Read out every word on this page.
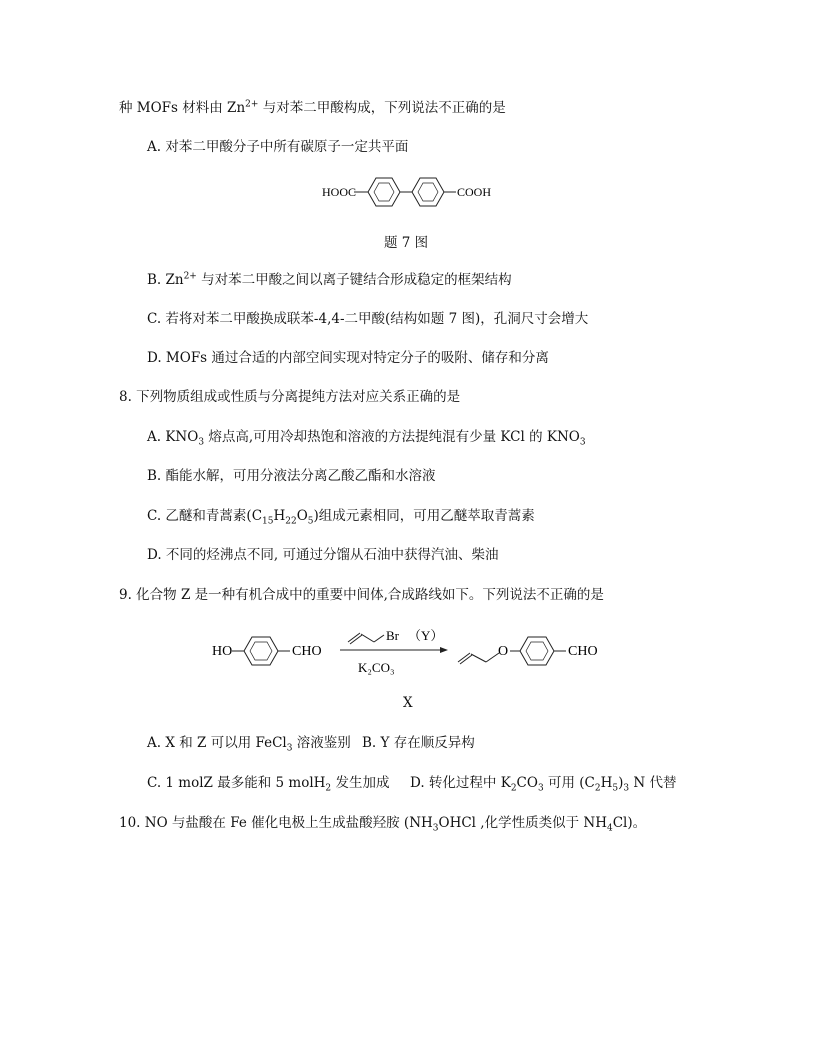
种 MOFs 材料由 $Zn^{2+}$ 与对苯二甲酸构成，下列说法不正确的是
A. 对苯二甲酸分子中所有碳原子一定共平面
HOOC	COOH
题 7 图
B. $Zn^{2+}$ 与对苯二甲酸之间以离子键结合形成稳定的框架结构
C. 若将对苯二甲酸换成联苯-4,4-二甲酸(结构如题 7 图)，孔洞尺寸会增大
D. MOFs 通过合适的内部空间实现对特定分子的吸附、储存和分离
8. 下列物质组成或性质与分离提纯方法对应关系正确的是
A. $KNO_3$ 熔点高,可用冷却热饱和溶液的方法提纯混有少量 KCl 的 $KNO_3$
B. 酯能水解，可用分液法分离乙酸乙酯和水溶液
C. 乙醚和青蒿素$(C_{15}H_{22}O_5)$组成元素相同，可用乙醚萃取青蒿素
D. 不同的烃沸点不同, 可通过分馏从石油中获得汽油、柴油
9. 化合物 Z 是一种有机合成中的重要中间体,合成路线如下。下列说法不正确的是
HO	CHO
Br （Y）
K₂CO₃
O	CHO
X
A. X 和 Z 可以用 FeCl$_3$ 溶液鉴别 B. Y 存在顺反异构
C. 1 molZ 最多能和 5 molH$_2$ 发生加成 D. 转化过程中 $K_2CO_3$ 可用 $(C_2H_5)_3$ N 代替
10. NO 与盐酸在 Fe 催化电极上生成盐酸羟胺 ($NH_3OHCl$ ,化学性质类似于 $NH_4Cl$)。
